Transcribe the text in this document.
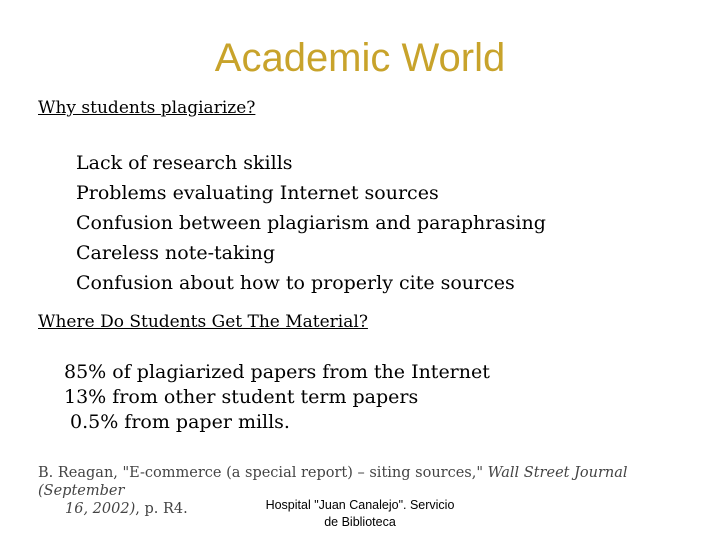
Academic World
Why students plagiarize?
Lack of research skills
Problems evaluating Internet sources
Confusion between plagiarism and paraphrasing
Careless note-taking
Confusion about how to properly cite sources
Where Do Students Get The Material?
85% of plagiarized papers from the Internet
13% from other student term papers
0.5% from paper mills.
B. Reagan, "E-commerce (a special report) – siting sources," Wall Street Journal (September
16, 2002), p. R4.	Hospital "Juan Canalejo". Servicio
de Biblioteca
